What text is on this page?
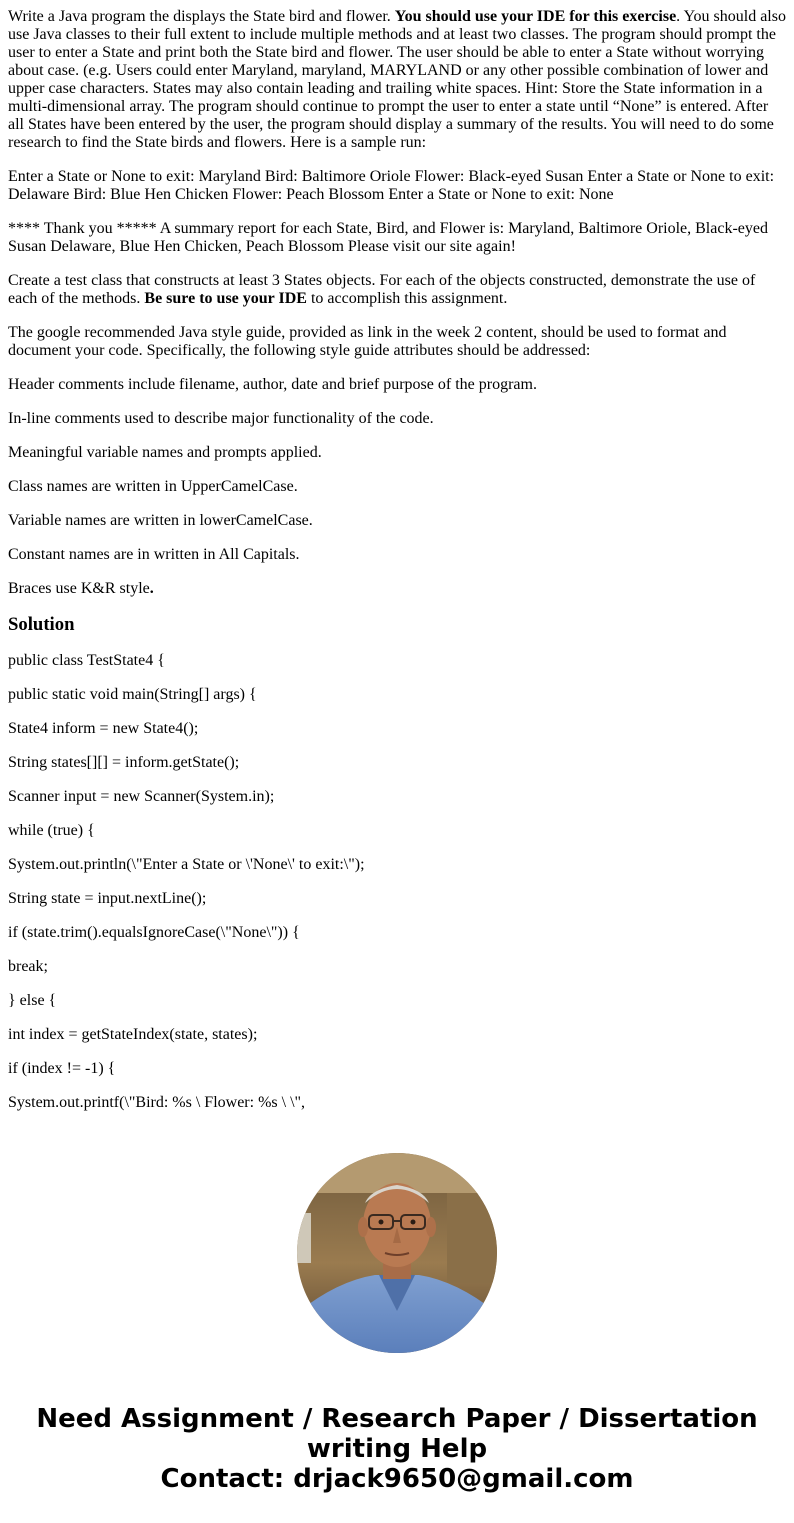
Write a Java program the displays the State bird and flower. You should use your IDE for this exercise. You should also use Java classes to their full extent to include multiple methods and at least two classes. The program should prompt the user to enter a State and print both the State bird and flower. The user should be able to enter a State without worrying about case. (e.g. Users could enter Maryland, maryland, MARYLAND or any other possible combination of lower and upper case characters. States may also contain leading and trailing white spaces. Hint: Store the State information in a multi-dimensional array. The program should continue to prompt the user to enter a state until “None” is entered. After all States have been entered by the user, the program should display a summary of the results. You will need to do some research to find the State birds and flowers. Here is a sample run:

Enter a State or None to exit: Maryland Bird: Baltimore Oriole Flower: Black-eyed Susan Enter a State or None to exit: Delaware Bird: Blue Hen Chicken Flower: Peach Blossom Enter a State or None to exit: None

**** Thank you ***** A summary report for each State, Bird, and Flower is: Maryland, Baltimore Oriole, Black-eyed Susan Delaware, Blue Hen Chicken, Peach Blossom Please visit our site again!

Create a test class that constructs at least 3 States objects. For each of the objects constructed, demonstrate the use of each of the methods. Be sure to use your IDE to accomplish this assignment.

The google recommended Java style guide, provided as link in the week 2 content, should be used to format and document your code. Specifically, the following style guide attributes should be addressed:

Header comments include filename, author, date and brief purpose of the program.

In-line comments used to describe major functionality of the code.

Meaningful variable names and prompts applied.

Class names are written in UpperCamelCase.

Variable names are written in lowerCamelCase.

Constant names are in written in All Capitals.

Braces use K&R style.

Solution

public class TestState4 {

public static void main(String[] args) {

State4 inform = new State4();

String states[][] = inform.getState();

Scanner input = new Scanner(System.in);

while (true) {

System.out.println(\"Enter a State or \'None\' to exit:\");

String state = input.nextLine();

if (state.trim().equalsIgnoreCase(\"None\")) {

break;

} else {

int index = getStateIndex(state, states);

if (index != -1) {

System.out.printf(\"Bird: %s \ Flower: %s \ \",

Need Assignment / Research Paper / Dissertation
writing Help
Contact: drjack9650@gmail.com
